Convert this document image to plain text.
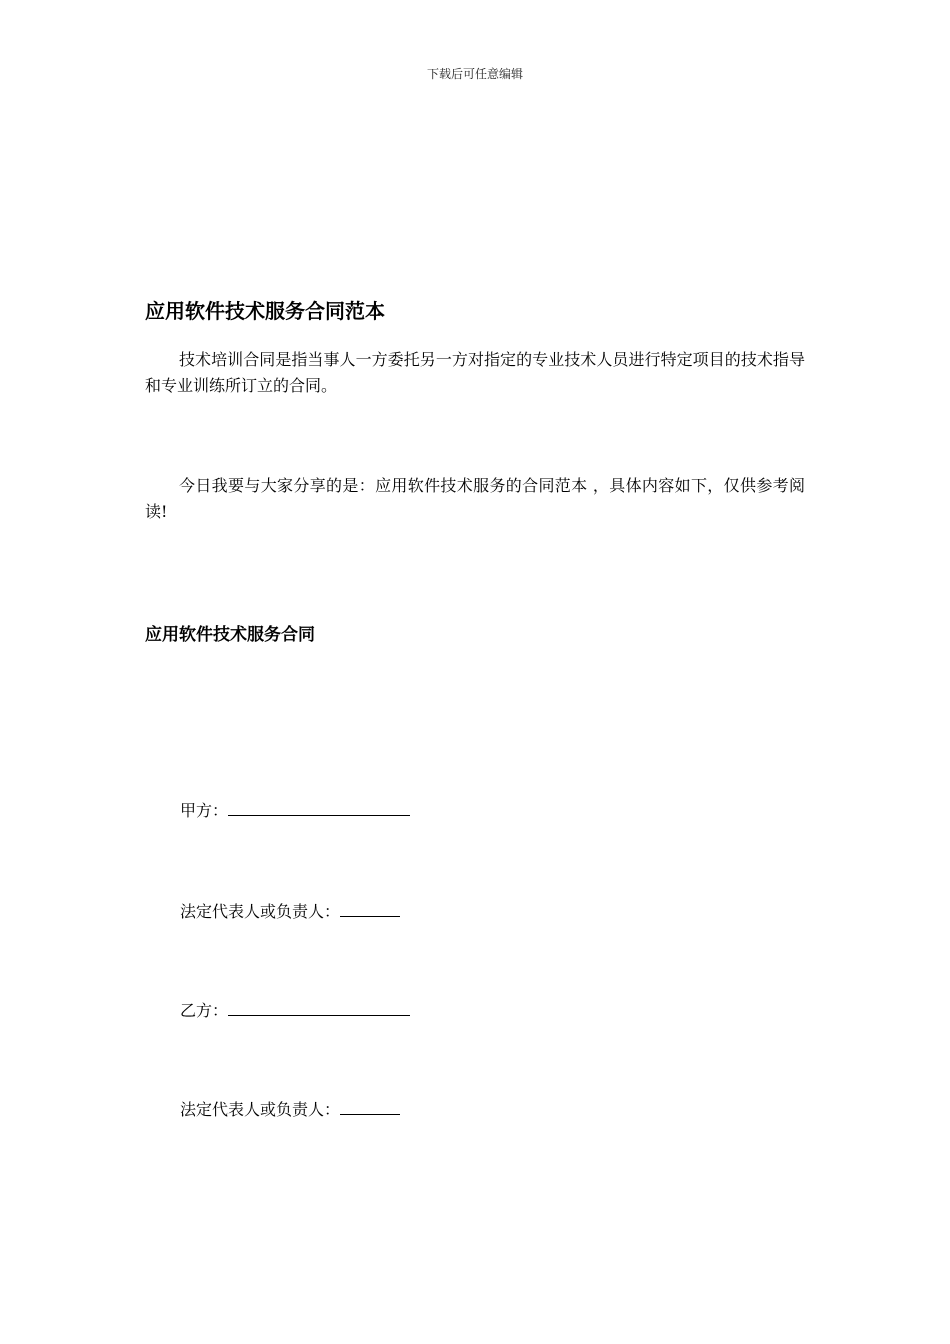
下载后可任意编辑
应用软件技术服务合同范本

技术培训合同是指当事人一方委托另一方对指定的专业技术人员进行特定项目的技术指导和专业训练所订立的合同。

今日我要与大家分享的是：应用软件技术服务的合同范本 ，具体内容如下，仅供参考阅读!

应用软件技术服务合同
甲方：
法定代表人或负责人：
乙方：
法定代表人或负责人：
